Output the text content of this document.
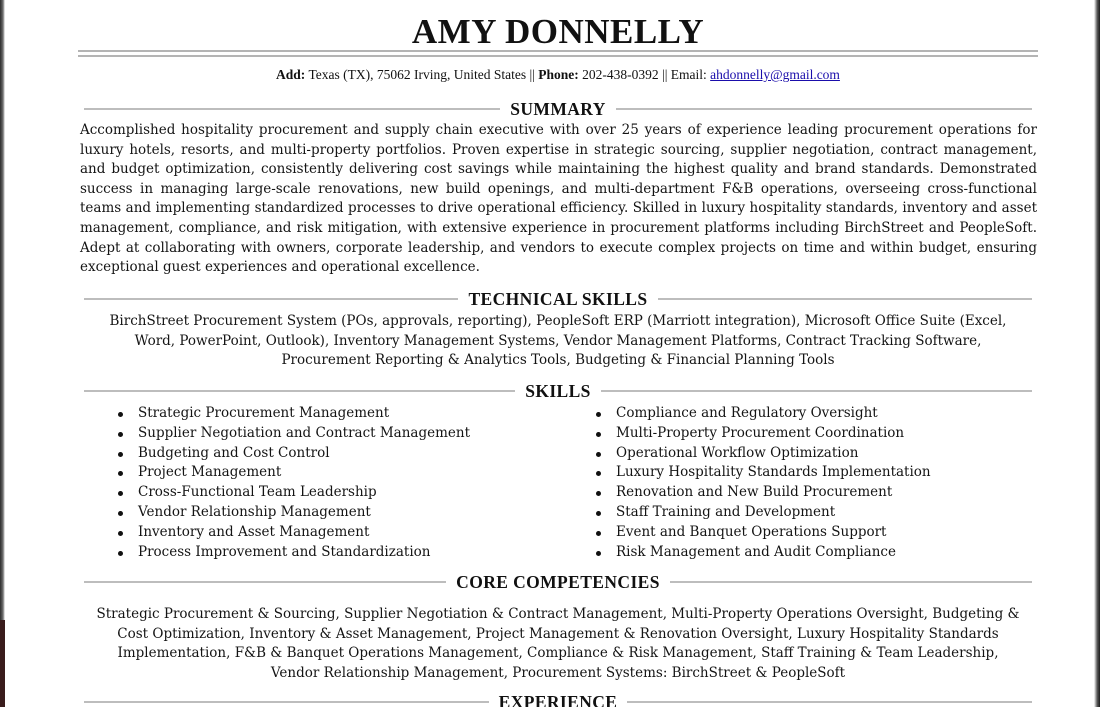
AMY DONNELLY
Add: Texas (TX), 75062 Irving, United States || Phone: 202-438-0392 || Email: ahdonnelly@gmail.com
SUMMARY
Accomplished hospitality procurement and supply chain executive with over 25 years of experience leading procurement operations for luxury hotels, resorts, and multi-property portfolios. Proven expertise in strategic sourcing, supplier negotiation, contract management, and budget optimization, consistently delivering cost savings while maintaining the highest quality and brand standards. Demonstrated success in managing large-scale renovations, new build openings, and multi-department F&B operations, overseeing cross-functional teams and implementing standardized processes to drive operational efficiency. Skilled in luxury hospitality standards, inventory and asset management, compliance, and risk mitigation, with extensive experience in procurement platforms including BirchStreet and PeopleSoft. Adept at collaborating with owners, corporate leadership, and vendors to execute complex projects on time and within budget, ensuring exceptional guest experiences and operational excellence.
TECHNICAL SKILLS
BirchStreet Procurement System (POs, approvals, reporting), PeopleSoft ERP (Marriott integration), Microsoft Office Suite (Excel,
Word, PowerPoint, Outlook), Inventory Management Systems, Vendor Management Platforms, Contract Tracking Software,
Procurement Reporting & Analytics Tools, Budgeting & Financial Planning Tools
SKILLS
Strategic Procurement Management
Supplier Negotiation and Contract Management
Budgeting and Cost Control
Project Management
Cross-Functional Team Leadership
Vendor Relationship Management
Inventory and Asset Management
Process Improvement and Standardization
Compliance and Regulatory Oversight
Multi-Property Procurement Coordination
Operational Workflow Optimization
Luxury Hospitality Standards Implementation
Renovation and New Build Procurement
Staff Training and Development
Event and Banquet Operations Support
Risk Management and Audit Compliance
CORE COMPETENCIES
Strategic Procurement & Sourcing, Supplier Negotiation & Contract Management, Multi-Property Operations Oversight, Budgeting &
Cost Optimization, Inventory & Asset Management, Project Management & Renovation Oversight, Luxury Hospitality Standards
Implementation, F&B & Banquet Operations Management, Compliance & Risk Management, Staff Training & Team Leadership,
Vendor Relationship Management, Procurement Systems: BirchStreet & PeopleSoft
EXPERIENCE
